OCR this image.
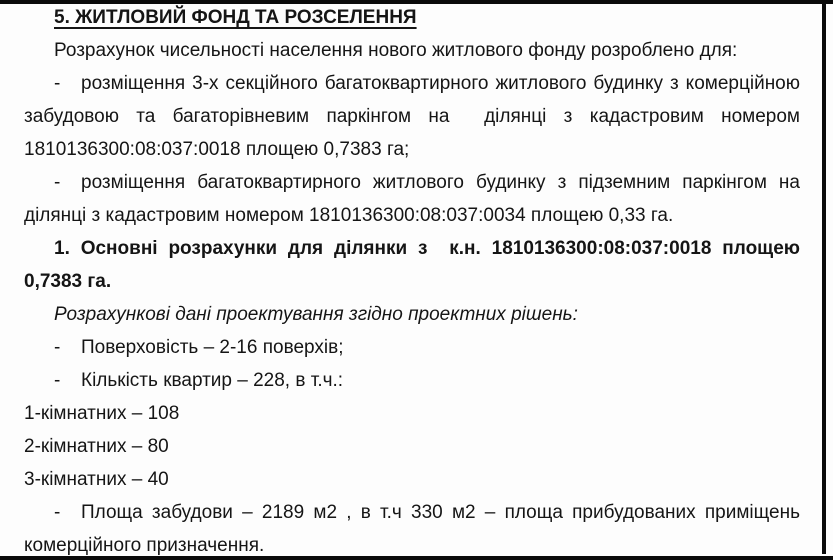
5. ЖИТЛОВИЙ ФОНД ТА РОЗСЕЛЕННЯ
Розрахунок чисельності населення нового житлового фонду розроблено для:
- розміщення 3-х секційного багатоквартирного житлового будинку з комерційною
забудовою та багаторівневим паркінгом на  ділянці з кадастровим номером
1810136300:08:037:0018 площею 0,7383 га;
- розміщення багатоквартирного житлового будинку з підземним паркінгом на
ділянці з кадастровим номером 1810136300:08:037:0034 площею 0,33 га.
1. Основні розрахунки для ділянки з  к.н. 1810136300:08:037:0018 площею
0,7383 га.
Розрахункові дані проектування згідно проектних рішень:
- Поверховість – 2-16 поверхів;
- Кількість квартир – 228, в т.ч.:
1-кімнатних – 108
2-кімнатних – 80
3-кімнатних – 40
- Площа забудови – 2189 м2 , в т.ч 330 м2 – площа прибудованих приміщень
комерційного призначення.
